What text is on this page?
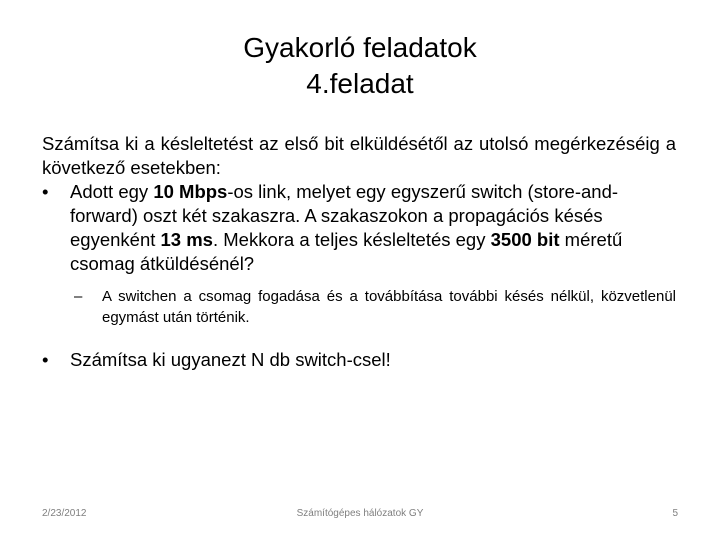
Gyakorló feladatok
4.feladat
Számítsa ki a késleltetést az első bit elküldésétől az utolsó megérkezéséig a következő esetekben:
• Adott egy 10 Mbps-os link, melyet egy egyszerű switch (store-and-forward) oszt két szakaszra. A szakaszokon a propagációs késés egyenként 13 ms. Mekkora a teljes késleltetés egy 3500 bit méretű csomag átküldésénél?
– A switchen a csomag fogadása és a továbbítása további késés nélkül, közvetlenül egymást után történik.
• Számítsa ki ugyanezt N db switch-csel!
2/23/2012	Számítógépes hálózatok GY	5
